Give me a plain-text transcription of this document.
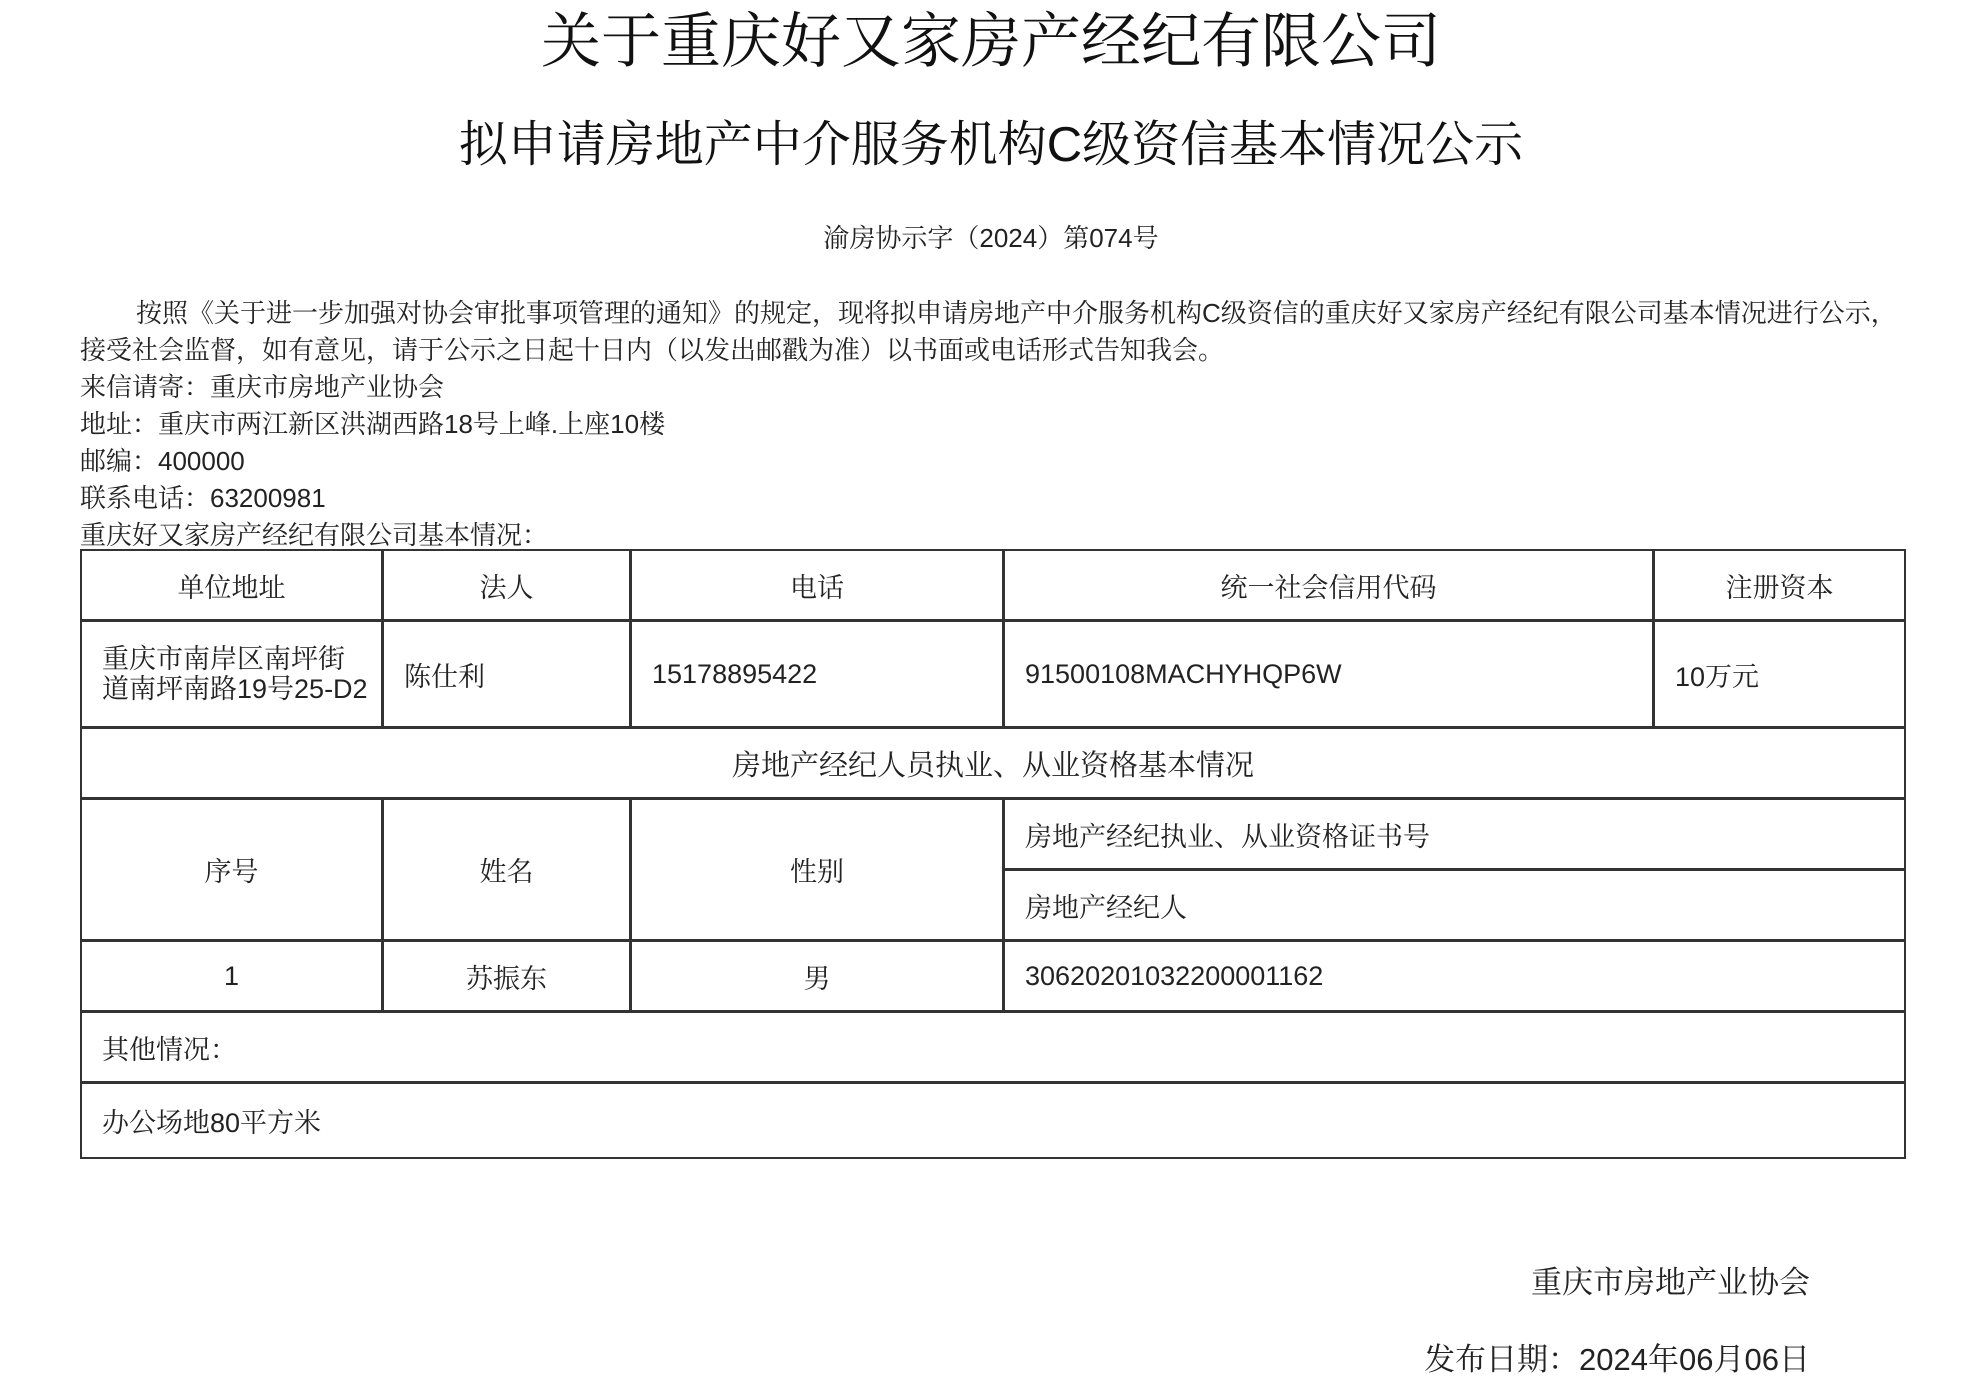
关于重庆好又家房产经纪有限公司
拟申请房地产中介服务机构C级资信基本情况公示
渝房协示字（2024）第074号

按照《关于进一步加强对协会审批事项管理的通知》的规定，现将拟申请房地产中介服务机构C级资信的重庆好又家房产经纪有限公司基本情况进行公示，接受社会监督，如有意见，请于公示之日起十日内（以发出邮戳为准）以书面或电话形式告知我会。

来信请寄：重庆市房地产业协会

地址：重庆市两江新区洪湖西路18号上峰.上座10楼

邮编：400000

联系电话：63200981

重庆好又家房产经纪有限公司基本情况：

单位地址	法人	电话	统一社会信用代码	注册资本
重庆市南岸区南坪街道南坪南路19号25-D2	陈仕利	15178895422	91500108MACHYHQP6W	10万元
房地产经纪人员执业、从业资格基本情况
序号	姓名	性别
房地产经纪执业、从业资格证书号
房地产经纪人
1	苏振东	男	30620201032200001162
其他情况：
办公场地80平方米
重庆市房地产业协会
发布日期：2024年06月06日
